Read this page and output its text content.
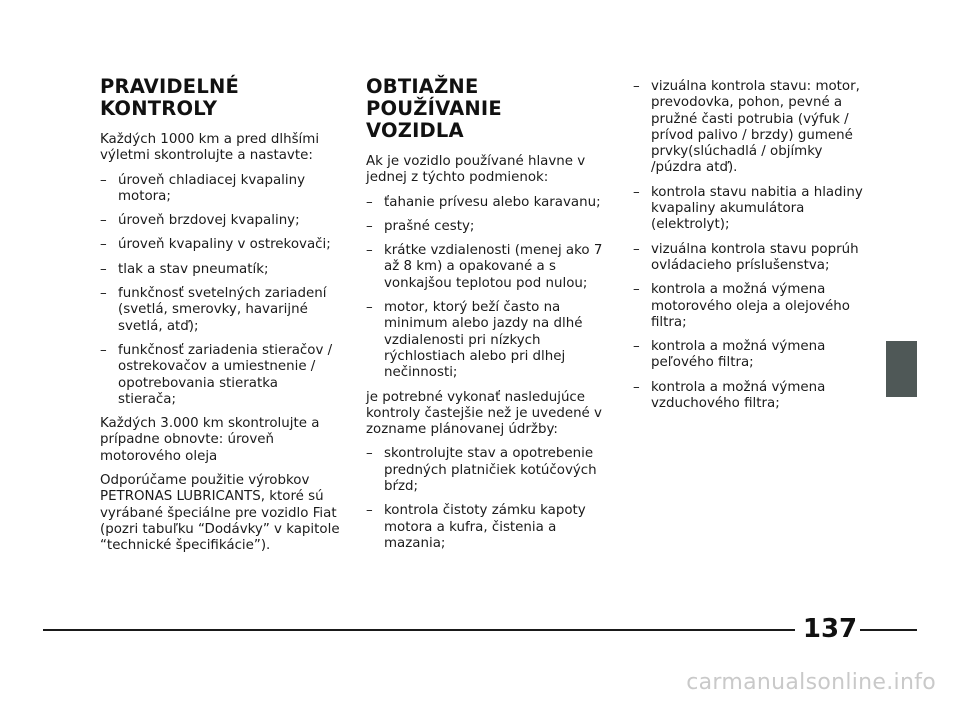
PRAVIDELNÉ
KONTROLY

Každých 1000 km a pred dlhšími výletmi skontrolujte a nastavte:

– úroveň chladiacej kvapaliny motora;
– úroveň brzdovej kvapaliny;
– úroveň kvapaliny v ostrekovači;
– tlak a stav pneumatík;
– funkčnosť svetelných zariadení (svetlá, smerovky, havarijné svetlá, atď);
– funkčnosť zariadenia stieračov / ostrekovačov a umiestnenie / opotrebovania stieratka stierača;

Každých 3.000 km skontrolujte a prípadne obnovte: úroveň motorového oleja

Odporúčame použitie výrobkov PETRONAS LUBRICANTS, ktoré sú vyrábané špeciálne pre vozidlo Fiat (pozri tabuľku “Dodávky” v kapitole “technické špecifikácie”).

OBTIAŽNE
POUŽÍVANIE VOZIDLA

Ak je vozidlo používané hlavne v jednej z týchto podmienok:

– ťahanie prívesu alebo karavanu;
– prašné cesty;
– krátke vzdialenosti (menej ako 7 až 8 km) a opakované a s vonkajšou teplotou pod nulou;
– motor, ktorý beží často na minimum alebo jazdy na dlhé vzdialenosti pri nízkych rýchlostiach alebo pri dlhej nečinnosti;

je potrebné vykonať nasledujúce kontroly častejšie než je uvedené v zozname plánovanej údržby:

– skontrolujte stav a opotrebenie predných platničiek kotúčových bŕzd;
– kontrola čistoty zámku kapoty motora a kufra, čistenia a mazania;
– vizuálna kontrola stavu: motor, prevodovka, pohon, pevné a pružné časti potrubia (výfuk / prívod palivo / brzdy) gumené prvky(slúchadlá / objímky /púzdra atď).
– kontrola stavu nabitia a hladiny kvapaliny akumulátora (elektrolyt);
– vizuálna kontrola stavu poprúh ovládacieho príslušenstva;
– kontrola a možná výmena motorového oleja a olejového filtra;
– kontrola a možná výmena peľového filtra;
– kontrola a možná výmena vzduchového filtra;
137
carmanualsonline.info
